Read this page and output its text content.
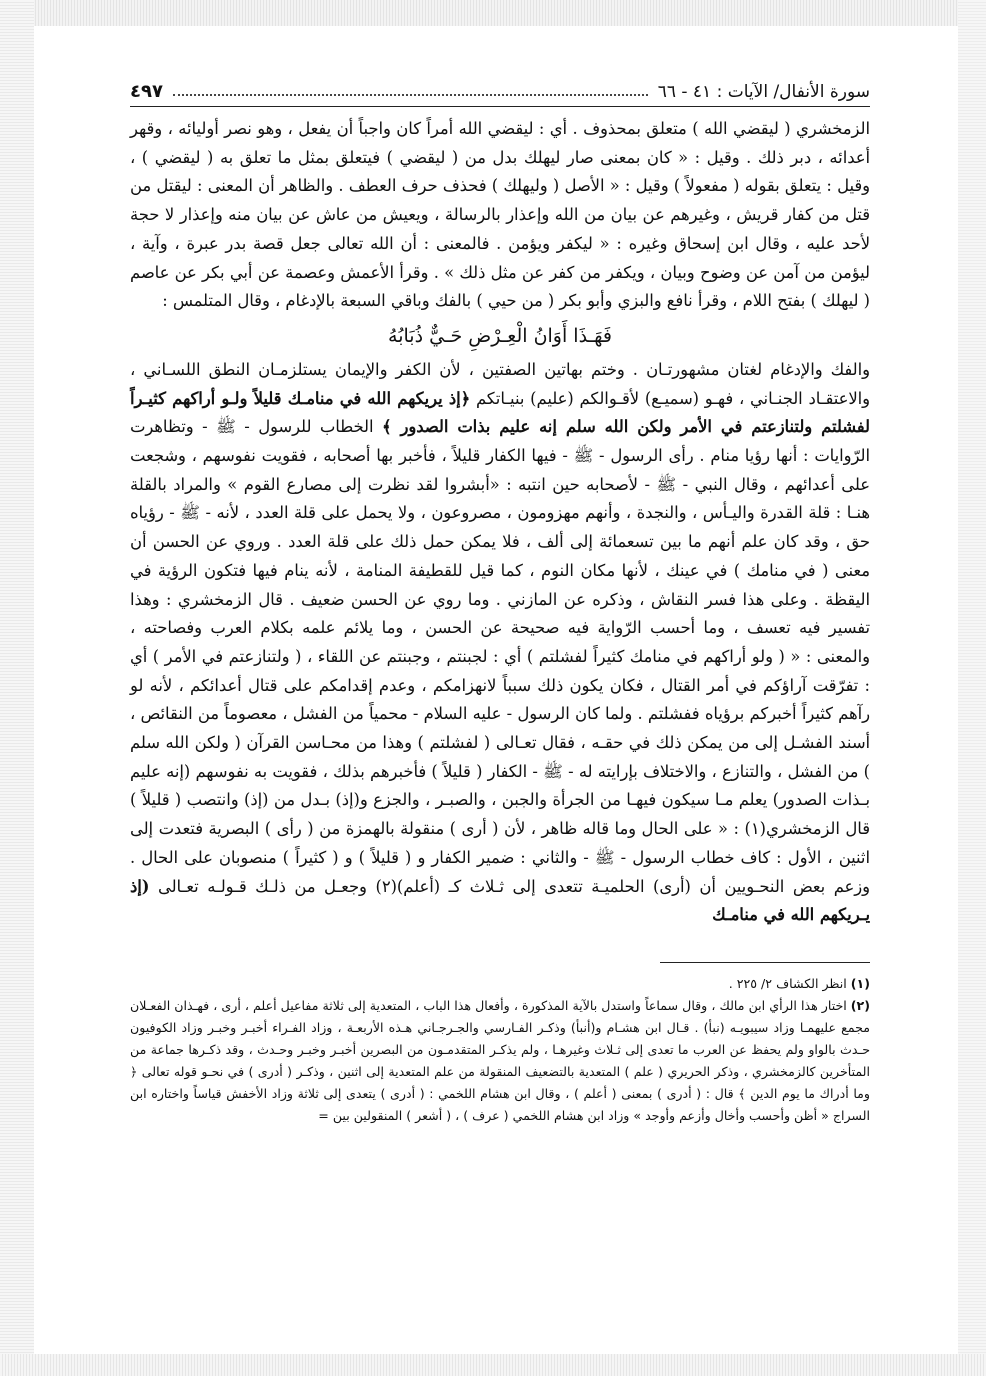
سورة الأنفال/ الآيات : ٤١ - ٦٦
٤٩٧

الزمخشري ( ليقضي الله ) متعلق بمحذوف . أي : ليقضي الله أمراً كان واجباً أن يفعل ، وهو نصر أوليائه ، وقهر أعدائه ، دبر ذلك . وقيل : « كان بمعنى صار ليهلك بدل من ( ليقضي ) فيتعلق بمثل ما تعلق به ( ليقضي ) ، وقيل : يتعلق بقوله ( مفعولاً ) وقيل : « الأصل ( وليهلك ) فحذف حرف العطف . والظاهر أن المعنى : ليقتل من قتل من كفار قريش ، وغيرهم عن بيان من الله وإعذار بالرسالة ، ويعيش من عاش عن بيان منه وإعذار لا حجة لأحد عليه ، وقال ابن إسحاق وغيره : « ليكفر ويؤمن . فالمعنى : أن الله تعالى جعل قصة بدر عبرة ، وآية ، ليؤمن من آمن عن وضوح وبيان ، ويكفر من كفر عن مثل ذلك » . وقرأ الأعمش وعصمة عن أبي بكر عن عاصم ( ليهلك ) بفتح اللام ، وقرأ نافع والبزي وأبو بكر ( من حيي ) بالفك وباقي السبعة بالإدغام ، وقال المتلمس :

فَهَـذَا أَوَانُ الْعِـرْضِ حَـيٌّ ذُبَابُهُ

والفك والإدغام لغتان مشهورتـان . وختم بهاتين الصفتين ، لأن الكفر والإيمان يستلزمـان النطق اللسـاني ، والاعتقـاد الجنـاني ، فهـو (سميـع) لأقـوالكم (عليم) بنيـاتكم ﴿إذ يريكهم الله في منامـك قليلاً ولـو أراكهم كثيـراً لفشلتم ولتنازعتم في الأمر ولكن الله سلم إنه عليم بذات الصدور ﴾ الخطاب للرسول - ﷺ - وتظاهرت الرّوايات : أنها رؤيا منام . رأى الرسول - ﷺ - فيها الكفار قليلاً ، فأخبر بها أصحابه ، فقويت نفوسهم ، وشجعت على أعدائهم ، وقال النبي - ﷺ - لأصحابه حين انتبه : «أبشروا لقد نظرت إلى مصارع القوم » والمراد بالقلة هنـا : قلة القدرة واليـأس ، والنجدة ، وأنهم مهزومون ، مصروعون ، ولا يحمل على قلة العدد ، لأنه - ﷺ - رؤياه حق ، وقد كان علم أنهم ما بين تسعمائة إلى ألف ، فلا يمكن حمل ذلك على قلة العدد . وروي عن الحسن أن معنى ( في منامك ) في عينك ، لأنها مكان النوم ، كما قيل للقطيفة المنامة ، لأنه ينام فيها فتكون الرؤية في اليقظة . وعلى هذا فسر النقاش ، وذكره عن المازني . وما روي عن الحسن ضعيف . قال الزمخشري : وهذا تفسير فيه تعسف ، وما أحسب الرّواية فيه صحيحة عن الحسن ، وما يلائم علمه بكلام العرب وفصاحته ، والمعنى : « ( ولو أراكهم في منامك كثيراً لفشلتم ) أي : لجبنتم ، وجبنتم عن اللقاء ، ( ولتنازعتم في الأمر ) أي : تفرّقت آراؤكم في أمر القتال ، فكان يكون ذلك سبباً لانهزامكم ، وعدم إقدامكم على قتال أعدائكم ، لأنه لو رآهم كثيراً أخبركم برؤياه ففشلتم . ولما كان الرسول - عليه السلام - محمياً من الفشل ، معصوماً من النقائص ، أسند الفشـل إلى من يمكن ذلك في حقـه ، فقال تعـالى ( لفشلتم ) وهذا من محـاسن القرآن ( ولكن الله سلم ) من الفشل ، والتنازع ، والاختلاف بإرايته له - ﷺ - الكفار ( قليلاً ) فأخبرهم بذلك ، فقويت به نفوسهم (إنه عليم بـذات الصدور) يعلم مـا سيكون فيهـا من الجرأة والجبن ، والصبـر ، والجزع و(إذ) بـدل من (إذ) وانتصب ( قليلاً ) قال الزمخشري(١) : « على الحال وما قاله ظاهر ، لأن ( أرى ) منقولة بالهمزة من ( رأى ) البصرية فتعدت إلى اثنين ، الأول : كاف خطاب الرسول - ﷺ - والثاني : ضمير الكفار و ( قليلاً ) و ( كثيراً ) منصوبان على الحال . وزعم بعض النحـويين أن (أرى) الحلميـة تتعدى إلى ثـلاث كـ (أعلم)(٢) وجعـل من ذلـك قـولـه تعـالى (إذ يـريكهم الله في منامـك

(١)انظر الكشاف ٢/ ٢٢٥ .

(٢)اختار هذا الرأي ابن مالك ، وقال سماعاً واستدل بالآية المذكورة ، وأفعال هذا الباب ، المتعدية إلى ثلاثة مفاعيل أعلم ، أرى ، فهـذان الفعـلان مجمع عليهمـا وزاد سيبويـه (نبأ) . قـال ابن هشـام و(أنبأ) وذكـر الفـارسي والجـرجـاني هـذه الأربعـة ، وزاد الفـراء أخبـر وخبـر وزاد الكوفيون حـدث بالواو ولم يحفظ عن العرب ما تعدى إلى ثـلاث وغيرهـا ، ولم يذكـر المتقدمـون من البصرين أخبـر وخبـر وحـدث ، وقد ذكـرها جماعة من المتأخرين كالزمخشري ، وذكر الحريري ( علم ) المتعدية بالتضعيف المنقولة من علم المتعدية إلى اثنين ، وذكـر ( أدرى ) في نحـو قوله تعالى ﴿ وما أدراك ما يوم الدين ﴾ قال : ( أدرى ) بمعنى ( أعلم ) ، وقال ابن هشام اللخمي : ( أدرى ) يتعدى إلى ثلاثة وزاد الأخفش قياساً واختاره ابن السراج « أظن وأحسب وأخال وأزعم وأوجد » وزاد ابن هشام اللخمي ( عرف ) ، ( أشعر ) المنقولين بين =
